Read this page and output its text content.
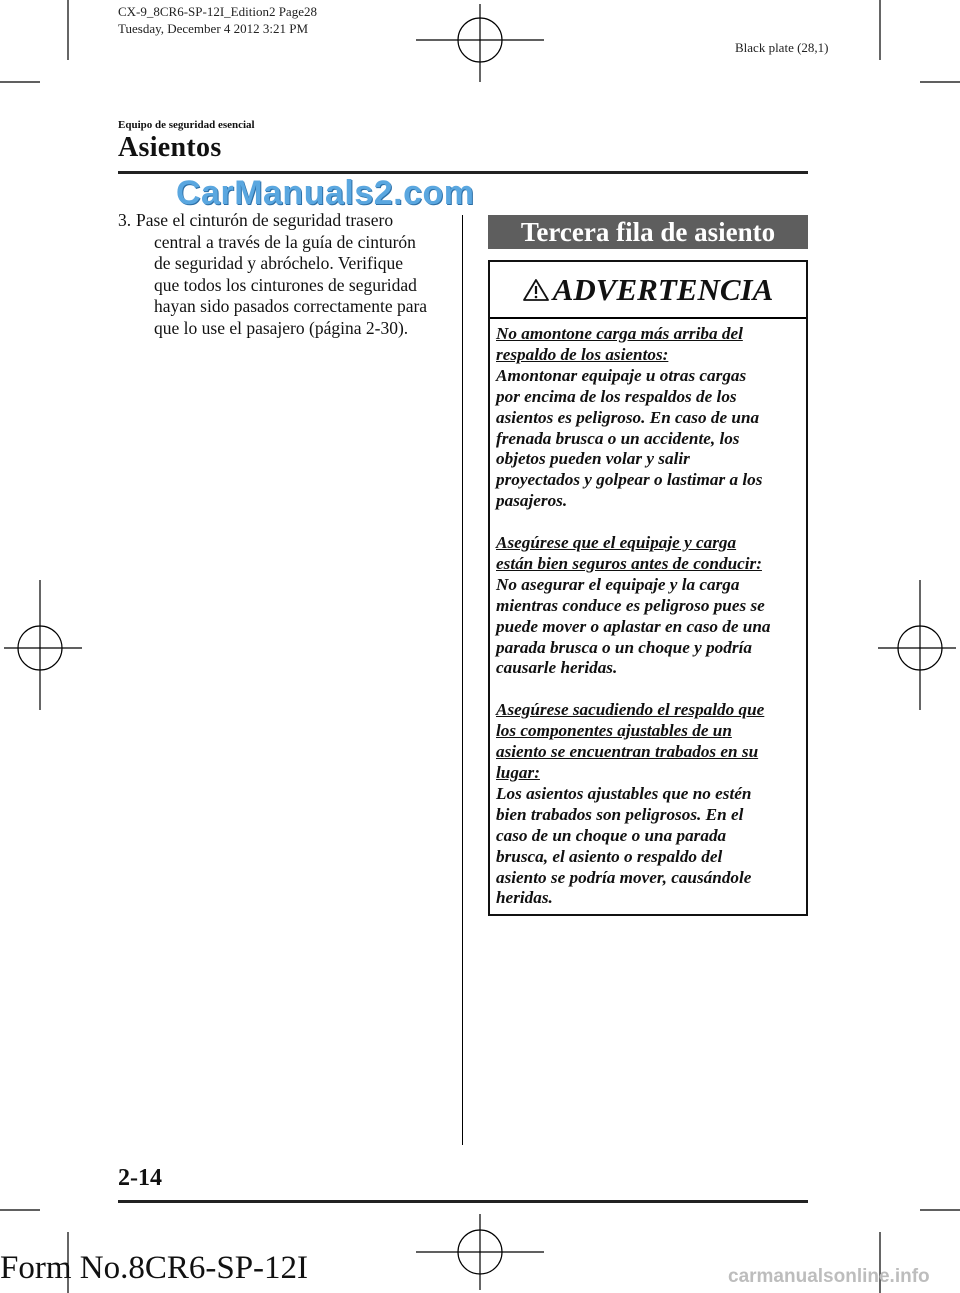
CX-9_8CR6-SP-12I_Edition2 Page28
Tuesday, December 4 2012 3:21 PM
Black plate (28,1)
Equipo de seguridad esencial
Asientos
CarManuals2.com
3. Pase el cinturón de seguridad trasero
central a través de la guía de cinturón
de seguridad y abróchelo. Verifique
que todos los cinturones de seguridad
hayan sido pasados correctamente para
que lo use el pasajero (página 2-30).
Tercera fila de asiento
ADVERTENCIA

No amontone carga más arriba del
respaldo de los asientos:
Amontonar equipaje u otras cargas
por encima de los respaldos de los
asientos es peligroso. En caso de una
frenada brusca o un accidente, los
objetos pueden volar y salir
proyectados y golpear o lastimar a los
pasajeros.

Asegúrese que el equipaje y carga
están bien seguros antes de conducir:
No asegurar el equipaje y la carga
mientras conduce es peligroso pues se
puede mover o aplastar en caso de una
parada brusca o un choque y podría
causarle heridas.

Asegúrese sacudiendo el respaldo que
los componentes ajustables de un
asiento se encuentran trabados en su
lugar:
Los asientos ajustables que no estén
bien trabados son peligrosos. En el
caso de un choque o una parada
brusca, el asiento o respaldo del
asiento se podría mover, causándole
heridas.

2-14
Form No.8CR6-SP-12I	carmanualsonline.info
